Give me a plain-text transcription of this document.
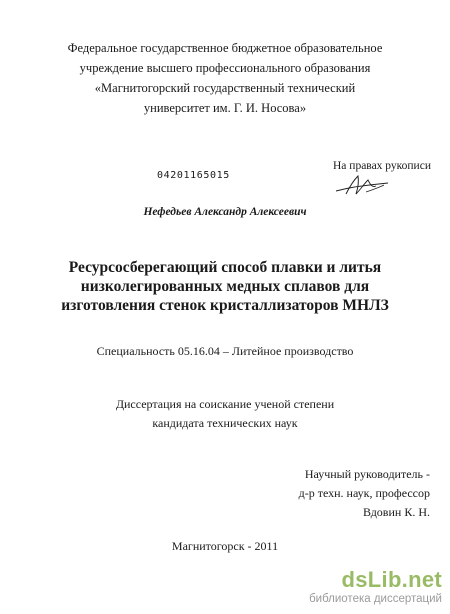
Федеральное государственное бюджетное образовательное
учреждение высшего профессионального образования
«Магнитогорский государственный технический
университет им. Г. И. Носова»
На правах рукописи
04201165015
Нефедьев Александр Алексеевич
Ресурсосберегающий способ плавки и литья
низколегированных медных сплавов для
изготовления стенок кристаллизаторов МНЛЗ
Специальность 05.16.04 – Литейное производство
Диссертация на соискание ученой степени
кандидата технических наук
Научный руководитель -
д-р техн. наук, профессор
Вдовин К. Н.
Магнитогорск - 2011
dsLib.net
библиотека диссертаций
